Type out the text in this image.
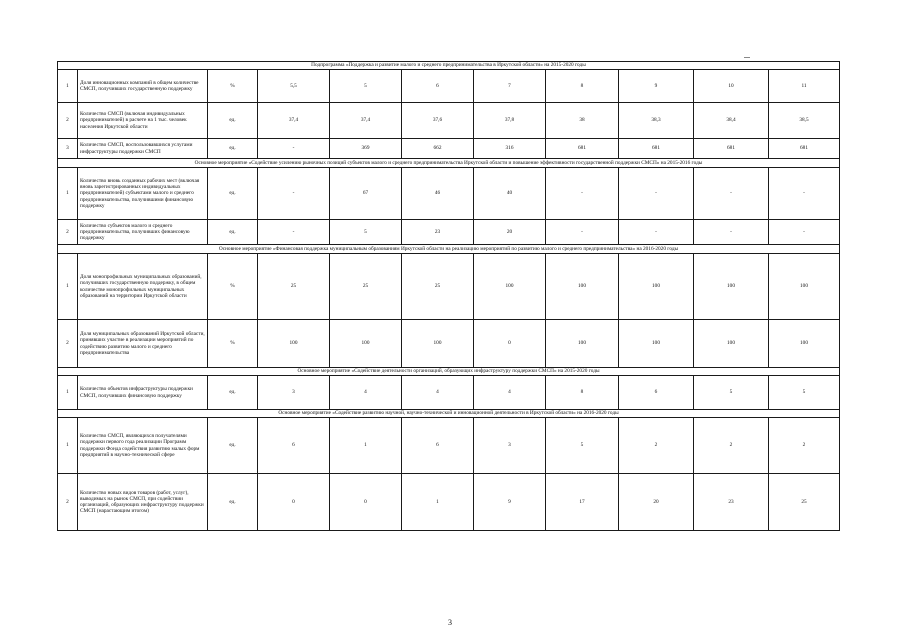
Подпрограмма «Поддержка и развитие малого и среднего предпринимательства в Иркутской области» на 2015-2020 годы										
1	Доля инновационных компаний в общем количестве СМСП, получивших государственную поддержку	%	5,5	5	6	7	8	9	10	11
2	Количество СМСП (включая индивидуальных предпринимателей) в расчете на 1 тыс. человек населения Иркутской области	ед.	37,4	37,4	37,6	37,8	38	38,3	38,4	38,5
3	Количество СМСП, воспользовавшихся услугами инфраструктуры поддержки СМСП	ед.	-	369	662	316	681	681	681	681
Основное мероприятие «Содействие усилению рыночных позиций субъектов малого и среднего предпринимательства Иркутской области и повышение эффективности государственной поддержки СМСП» на 2015-2016 годы										
1	Количество вновь созданных рабочих мест (включая вновь зарегистрированных индивидуальных предпринимателей) субъектами малого и среднего предпринимательства, получившими финансовую поддержку	ед.	-	67	46	40	-	-	-	-
2	Количество субъектов малого и среднего предпринимательства, получивших финансовую поддержку	ед.	-	5	23	20	-	-	-	-
Основное мероприятие «Финансовая поддержка муниципальным образованиям Иркутской области на реализацию мероприятий по развитию малого и среднего предпринимательства» на 2016-2020 годы										
1	Доля монопрофильных муниципальных образований, получивших государственную поддержку, в общем количестве монопрофильных муниципальных образований на территории Иркутской области	%	25	25	25	100	100	100	100	100
2	Доля муниципальных образований Иркутской области, принявших участие в реализации мероприятий по содействию развитию малого и среднего предпринимательства	%	100	100	100	0	100	100	100	100
Основное мероприятие «Содействие деятельности организаций, образующих инфраструктуру поддержки СМСП» на 2015-2020 годы										
1	Количество объектов инфраструктуры поддержки СМСП, получивших финансовую поддержку	ед.	3	4	4	4	8	6	5	5
Основное мероприятие «Содействие развитию научной, научно-технической и инновационной деятельности в Иркутской области» на 2016-2020 годы										
1	Количество СМСП, являющихся получателями поддержки первого года реализации Программ поддержки Фонда содействия развитию малых форм предприятий в научно-технической сфере	ед.	6	1	6	3	5	2	2	2
2	Количество новых видов товаров (работ, услуг), выводимых на рынок СМСП, при содействии организаций, образующих инфраструктуру поддержки СМСП (нарастающим итогом)	ед.	0	0	1	9	17	20	23	25
3
